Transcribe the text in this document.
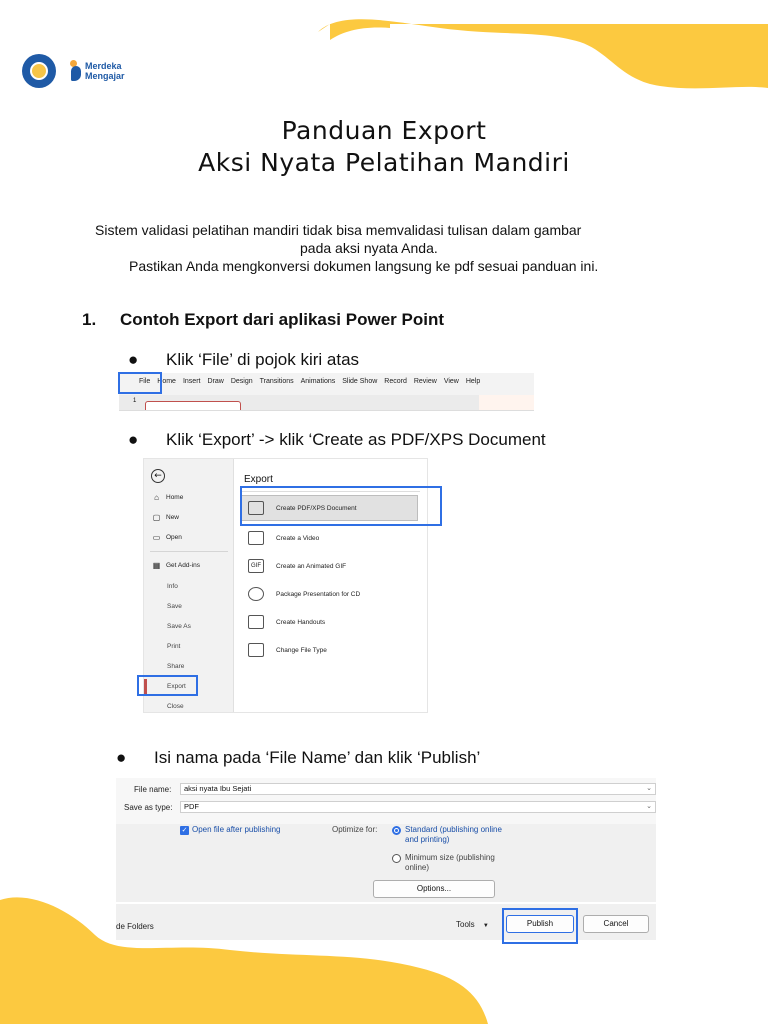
Merdeka
Mengajar
Panduan Export
Aksi Nyata Pelatihan Mandiri
Sistem validasi pelatihan mandiri tidak bisa memvalidasi tulisan dalam gambar
pada aksi nyata Anda.
Pastikan Anda mengkonversi dokumen langsung ke pdf sesuai panduan ini.
1. Contoh Export dari aplikasi Power Point
● Klik ‘File’ di pojok kiri atas
File Home Insert Draw Design Transitions Animations Slide Show Record Review View Help
1
● Klik ‘Export’ -> klik ‘Create as PDF/XPS Document
←
⌂	Home
▢ New
▭ Open
▦ Get Add-ins
Info
Save
Save As
Print
Share
Export
Close
Export
Create PDF/XPS Document
Create a Video
GIF	Create an Animated GIF
Package Presentation for CD
Create Handouts
Change File Type
● Isi nama pada ‘File Name’ dan klik ‘Publish’
File name:	aksi nyata Ibu Sejati	⌄
Save as type:	PDF	⌄
✓ Open file after publishing	Optimize for:	Standard (publishing online and printing)
Minimum size (publishing online)
Options...
de Folders	Tools ▼	Publish	Cancel
